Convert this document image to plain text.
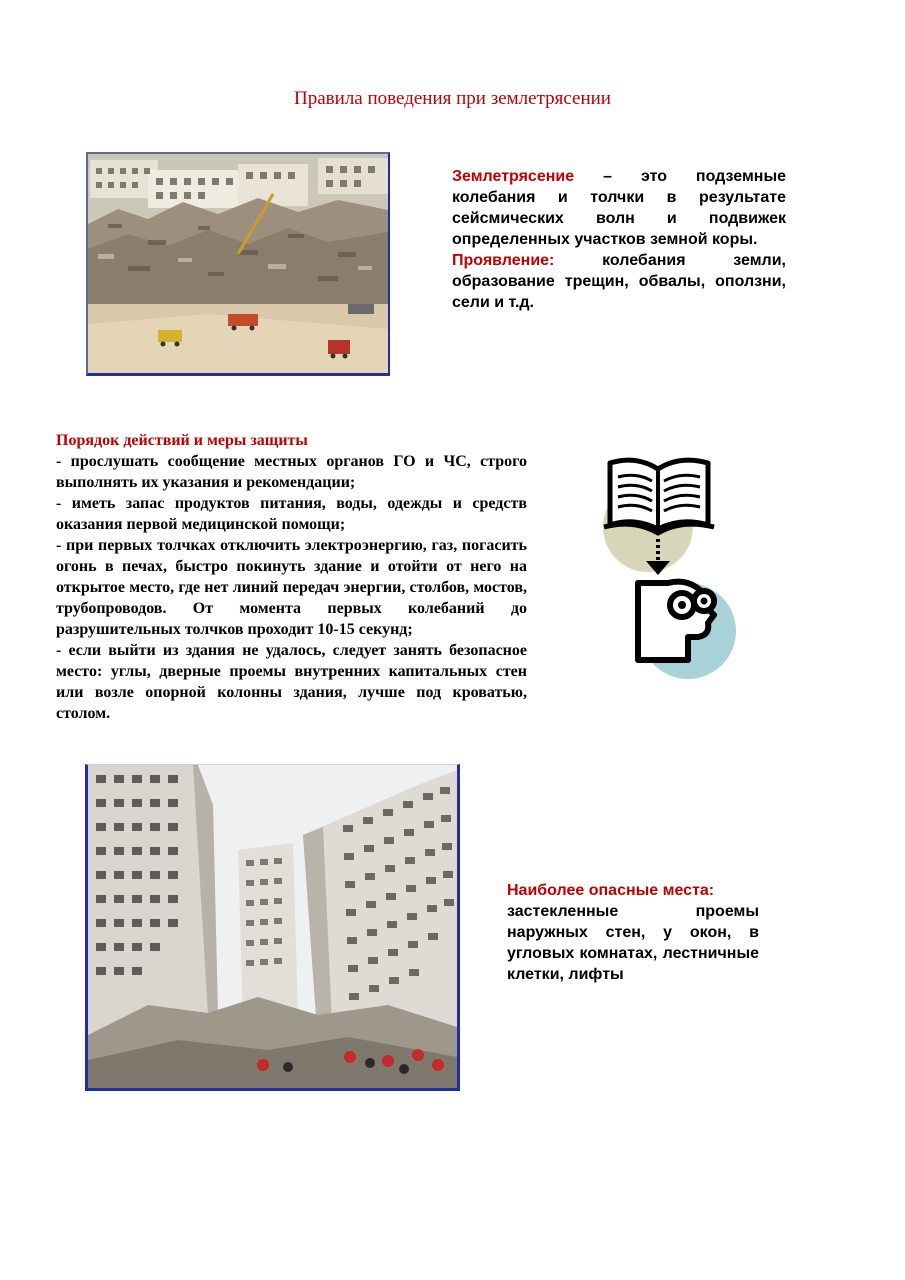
Правила поведения при землетрясении
Землетрясение – это подземные колебания и толчки в результате сейсмических волн и подвижек определенных участков земной коры.
Проявление: колебания земли, образование трещин, обвалы, оползни, сели и т.д.

Порядок действий и меры защиты

- прослушать сообщение местных органов ГО и ЧС, строго выполнять их указания и рекомендации;

- иметь запас продуктов питания, воды, одежды и средств оказания первой медицинской помощи;

- при первых толчках отключить электроэнергию, газ, погасить огонь в печах, быстро покинуть здание и отойти от него на открытое место, где нет линий передач энергии, столбов, мостов, трубопроводов. От момента первых колебаний до разрушительных толчков проходит 10-15 секунд;

- если выйти из здания не удалось, следует занять безопасное место: углы, дверные проемы внутренних капитальных стен или возле опорной колонны здания, лучше под кроватью, столом.

Наиболее опасные места:

застекленные проемы наружных стен, у окон, в угловых комнатах, лестничные клетки, лифты
